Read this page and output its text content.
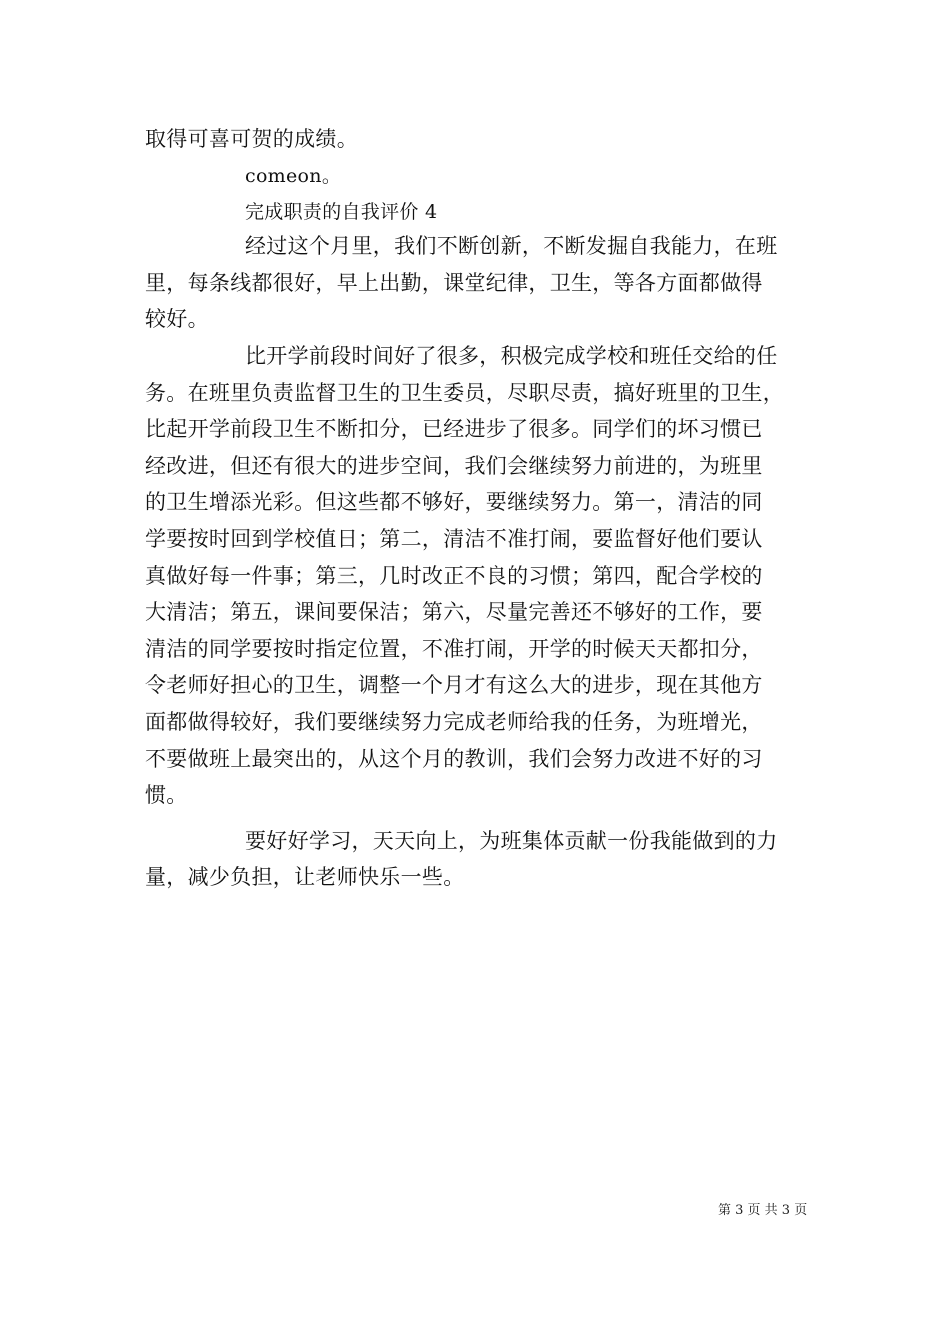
取得可喜可贺的成绩。
comeon。
完成职责的自我评价 4
经过这个月里，我们不断创新，不断发掘自我能力，在班
里，每条线都很好，早上出勤，课堂纪律，卫生，等各方面都做得
较好。
比开学前段时间好了很多，积极完成学校和班任交给的任
务。在班里负责监督卫生的卫生委员，尽职尽责，搞好班里的卫生，
比起开学前段卫生不断扣分，已经进步了很多。同学们的坏习惯已
经改进，但还有很大的进步空间，我们会继续努力前进的，为班里
的卫生增添光彩。但这些都不够好，要继续努力。第一，清洁的同
学要按时回到学校值日；第二，清洁不准打闹，要监督好他们要认
真做好每一件事；第三，几时改正不良的习惯；第四，配合学校的
大清洁；第五，课间要保洁；第六，尽量完善还不够好的工作，要
清洁的同学要按时指定位置，不准打闹，开学的时候天天都扣分，
令老师好担心的卫生，调整一个月才有这么大的进步，现在其他方
面都做得较好，我们要继续努力完成老师给我的任务，为班增光，
不要做班上最突出的，从这个月的教训，我们会努力改进不好的习
惯。
要好好学习，天天向上，为班集体贡献一份我能做到的力
量，减少负担，让老师快乐一些。
第 3 页 共 3 页
